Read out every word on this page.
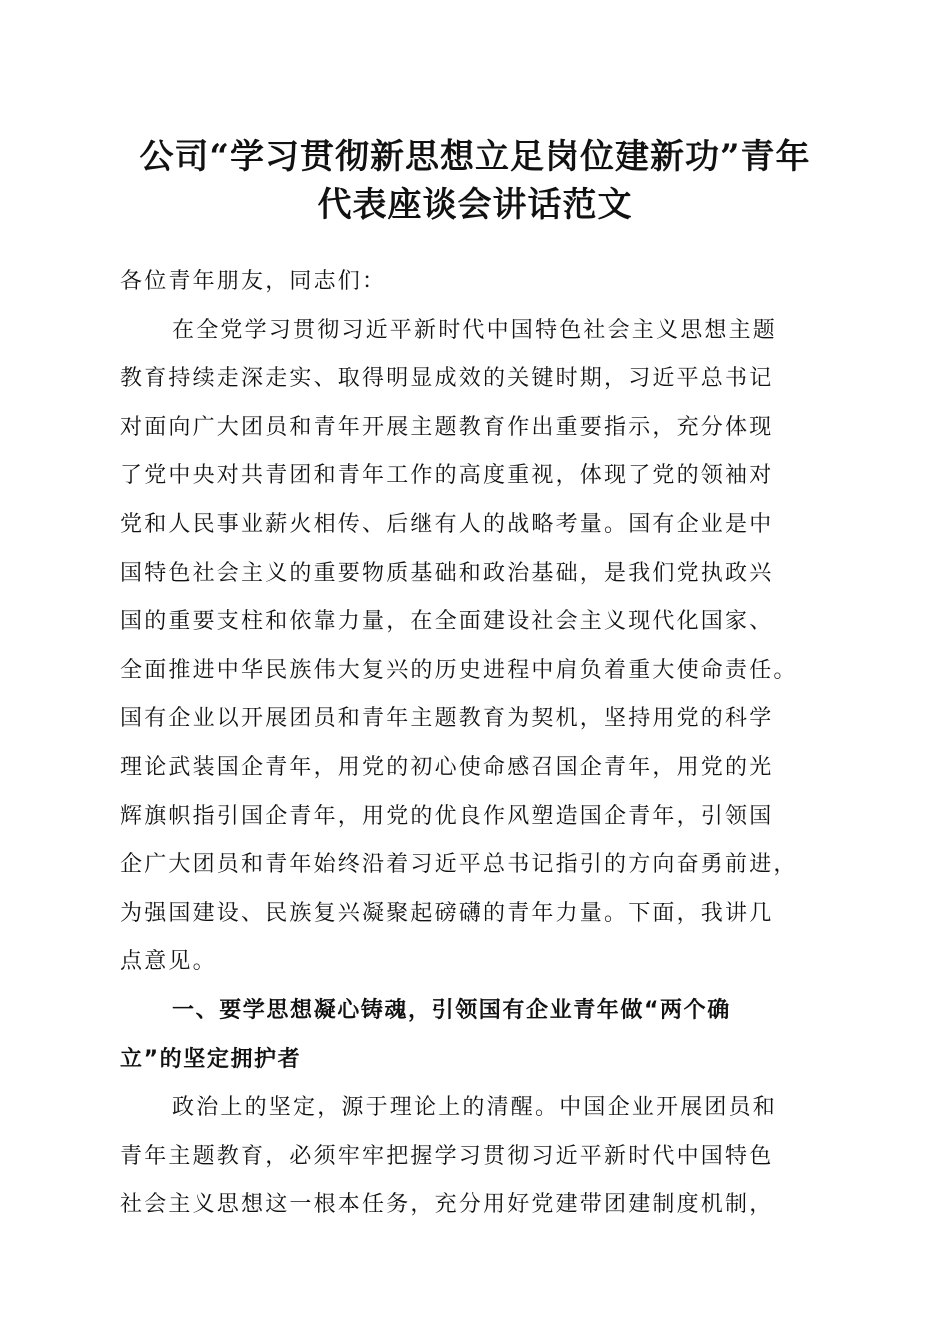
公司“学习贯彻新思想立足岗位建新功”青年
代表座谈会讲话范文
各位青年朋友，同志们：
在全党学习贯彻习近平新时代中国特色社会主义思想主题
教育持续走深走实、取得明显成效的关键时期，习近平总书记
对面向广大团员和青年开展主题教育作出重要指示，充分体现
了党中央对共青团和青年工作的高度重视，体现了党的领袖对
党和人民事业薪火相传、后继有人的战略考量。国有企业是中
国特色社会主义的重要物质基础和政治基础，是我们党执政兴
国的重要支柱和依靠力量，在全面建设社会主义现代化国家、
全面推进中华民族伟大复兴的历史进程中肩负着重大使命责任。
国有企业以开展团员和青年主题教育为契机，坚持用党的科学
理论武装国企青年，用党的初心使命感召国企青年，用党的光
辉旗帜指引国企青年，用党的优良作风塑造国企青年，引领国
企广大团员和青年始终沿着习近平总书记指引的方向奋勇前进，
为强国建设、民族复兴凝聚起磅礴的青年力量。下面，我讲几
点意见。
一、要学思想凝心铸魂，引领国有企业青年做“两个确
立”的坚定拥护者
政治上的坚定，源于理论上的清醒。中国企业开展团员和
青年主题教育，必须牢牢把握学习贯彻习近平新时代中国特色
社会主义思想这一根本任务，充分用好党建带团建制度机制，
